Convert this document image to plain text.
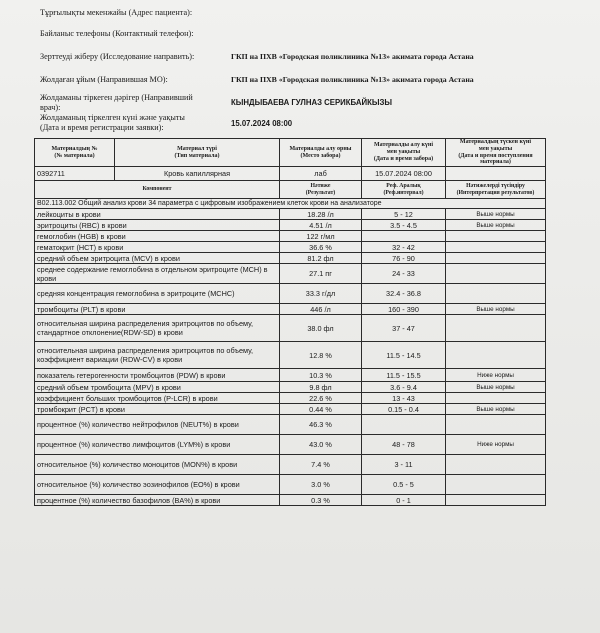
Тұрғылықты мекенжайы (Адрес пациента):
Байланыс телефоны (Контактный телефон):
Зерттеуді жіберу (Исследование направить):	ГКП на ПХВ «Городская поликлиника №13» акимата города Астана
Жолдаған ұйым (Направившая МО):	ГКП на ПХВ «Городская поликлиника №13» акимата города Астана
Жолдаманы тіркеген дәрігер (Направивший
врач):	КЫНДЫБАЕВА ГУЛНАЗ СЕРИКБАЙКЫЗЫ
Жолдаманың тіркелген күні және уақыты
(Дата и время регистрации заявки):	15.07.2024 08:00
Материалдың №
(№ материала)	Материал түрі
(Тип материала)	Материалды алу орны
(Место забора)	Материалды алу күні
мен уақыты
(Дата и время забора)	Материалдың түскен күні
мен уақыты
(Дата и время поступления
материала)
0392711	Кровь капиллярная	лаб	15.07.2024 08:00	
Компонент		Нәтиже
(Результат)	Реф. Аралық
(Реф.интервал)	Нәтижелерді түсіндіру
(Интерпретация результатов)
B02.113.002 Общий анализ крови 34 параметра с цифровым изображением клеток крови на анализаторе				
лейкоциты в крови		18.28 /л	5 - 12	Выше нормы
эритроциты (RBC) в крови		4.51 /л	3.5 - 4.5	Выше нормы
гемоглобин (HGB) в крови		122 г/мл		
гематокрит (НСТ) в крови		36.6 %	32 - 42	
средний объем эритроцита (MCV) в крови		81.2 фл	76 - 90	
среднее содержание гемоглобина в отдельном эритроците (МСН) в крови		27.1 пг	24 - 33	
средняя концентрация гемоглобина в эритроците (MCHC)		33.3 г/дл	32.4 - 36.8	
тромбоциты (PLT) в крови		446 /л	160 - 390	Выше нормы
относительная ширина распределения эритроцитов по объему, стандартное отклонение(RDW-SD) в крови		38.0 фл	37 - 47	
относительная ширина распределения эритроцитов по объему, коэффициент вариации (RDW-CV) в крови		12.8 %	11.5 - 14.5	
показатель гетерогенности тромбоцитов (PDW) в крови		10.3 %	11.5 - 15.5	Ниже нормы
средний объем тромбоцита (MPV) в крови		9.8 фл	3.6 - 9.4	Выше нормы
коэффициент больших тромбоцитов (P-LCR) в крови		22.6 %	13 - 43	
тромбокрит (PCT) в крови		0.44 %	0.15 - 0.4	Выше нормы
процентное (%) количество нейтрофилов (NEUT%) в крови		46.3 %		
процентное (%) количество лимфоцитов (LYM%) в крови		43.0 %	48 - 78	Ниже нормы
относительное (%) количество моноцитов (MON%) в крови		7.4 %	3 - 11	
относительное (%) количество эозинофилов (EO%) в крови		3.0 %	0.5 - 5	
процентное (%) количество базофилов (BA%) в крови		0.3 %	0 - 1	
